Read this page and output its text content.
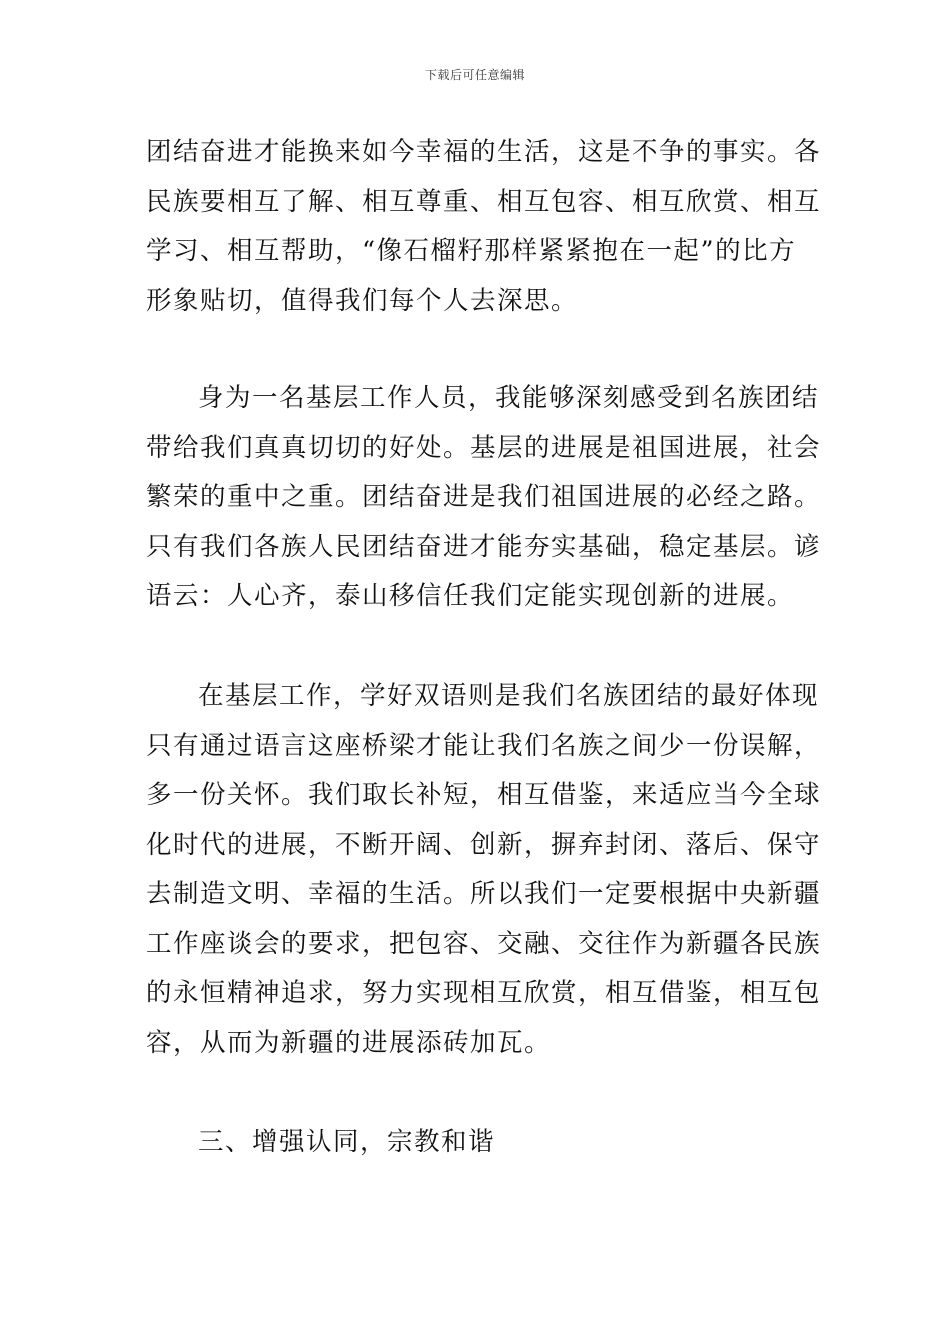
下载后可任意编辑
团结奋进才能换来如今幸福的生活，这是不争的事实。各
民族要相互了解、相互尊重、相互包容、相互欣赏、相互
学习、相互帮助，“像石榴籽那样紧紧抱在一起”的比方
形象贴切，值得我们每个人去深思。
身为一名基层工作人员，我能够深刻感受到名族团结
带给我们真真切切的好处。基层的进展是祖国进展，社会
繁荣的重中之重。团结奋进是我们祖国进展的必经之路。
只有我们各族人民团结奋进才能夯实基础，稳定基层。谚
语云：人心齐，泰山移信任我们定能实现创新的进展。
在基层工作，学好双语则是我们名族团结的最好体现
只有通过语言这座桥梁才能让我们名族之间少一份误解，
多一份关怀。我们取长补短，相互借鉴，来适应当今全球
化时代的进展，不断开阔、创新，摒弃封闭、落后、保守
去制造文明、幸福的生活。所以我们一定要根据中央新疆
工作座谈会的要求，把包容、交融、交往作为新疆各民族
的永恒精神追求，努力实现相互欣赏，相互借鉴，相互包
容，从而为新疆的进展添砖加瓦。
三、增强认同，宗教和谐
